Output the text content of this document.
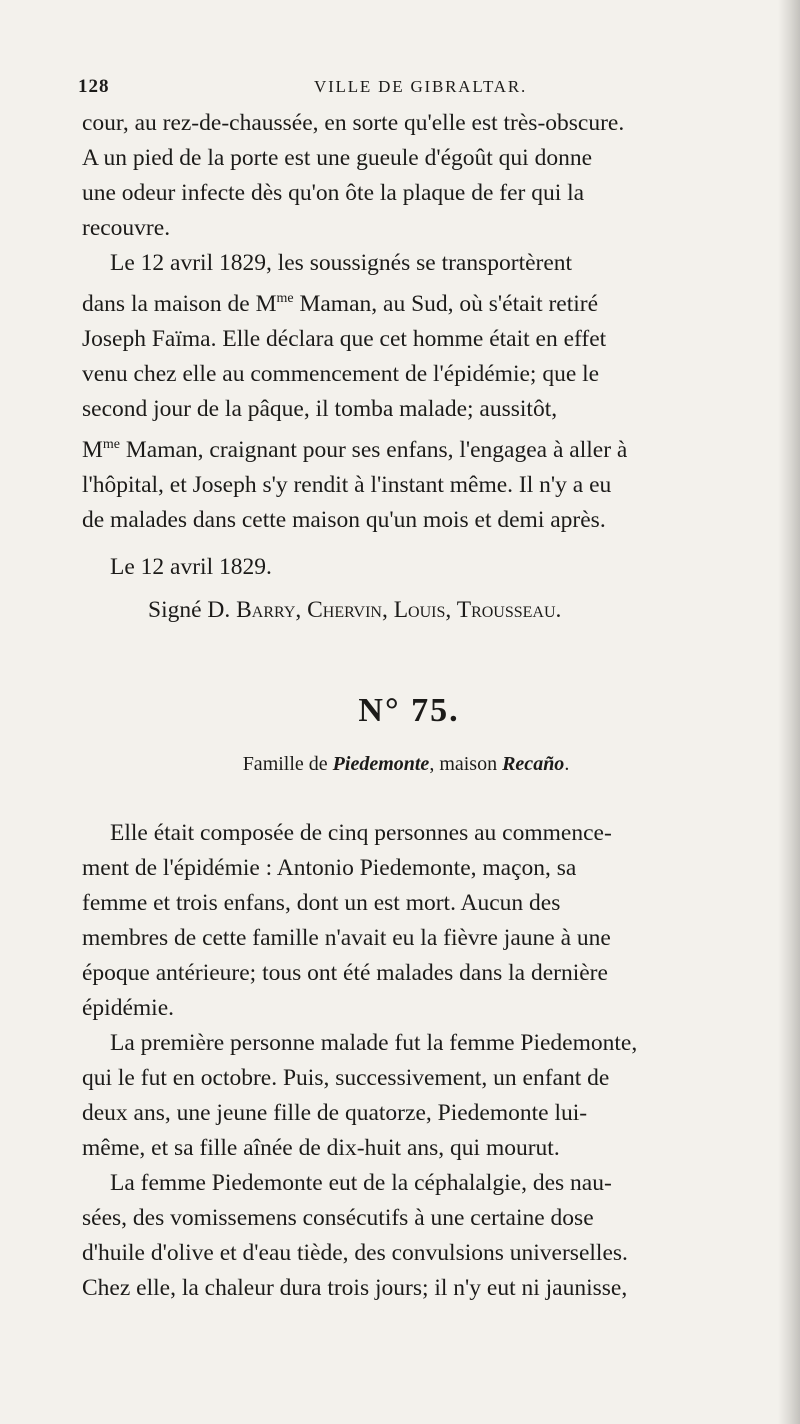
128	VILLE DE GIBRALTAR.

cour, au rez-de-chaussée, en sorte qu'elle est très-obscure.
A un pied de la porte est une gueule d'égoût qui donne
une odeur infecte dès qu'on ôte la plaque de fer qui la
recouvre.

Le 12 avril 1829, les soussignés se transportèrent
dans la maison de $M^{me}$ Maman, au Sud, où s'était retiré
Joseph Faïma. Elle déclara que cet homme était en effet
venu chez elle au commencement de l'épidémie; que le
second jour de la pâque, il tomba malade; aussitôt,
$M^{me}$ Maman, craignant pour ses enfans, l'engagea à aller à
l'hôpital, et Joseph s'y rendit à l'instant même. Il n'y a eu
de malades dans cette maison qu'un mois et demi après.

Le 12 avril 1829.

Signé D. Barry, Chervin, Louis, Trousseau.

N° 75.

Famille de Piedemonte, maison Recaño.

Elle était composée de cinq personnes au commence-
ment de l'épidémie : Antonio Piedemonte, maçon, sa
femme et trois enfans, dont un est mort. Aucun des
membres de cette famille n'avait eu la fièvre jaune à une
époque antérieure; tous ont été malades dans la dernière
épidémie.

La première personne malade fut la femme Piedemonte,
qui le fut en octobre. Puis, successivement, un enfant de
deux ans, une jeune fille de quatorze, Piedemonte lui-
même, et sa fille aînée de dix-huit ans, qui mourut.

La femme Piedemonte eut de la céphalalgie, des nau-
sées, des vomissemens consécutifs à une certaine dose
d'huile d'olive et d'eau tiède, des convulsions universelles.
Chez elle, la chaleur dura trois jours; il n'y eut ni jaunisse,
